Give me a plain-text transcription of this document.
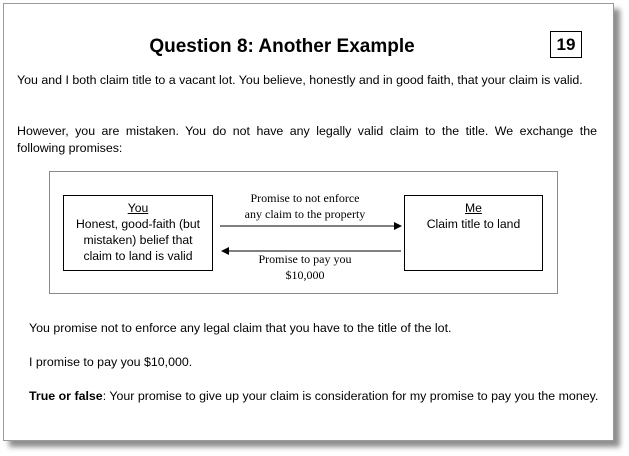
Question 8: Another Example	19
You and I both claim title to a vacant lot. You believe, honestly and in good faith, that your claim is valid.
However, you are mistaken. You do not have any legally valid claim to the title. We exchange the following promises:
You
Honest, good-faith (but
mistaken) belief that
claim to land is valid
Me
Claim title to land
Promise to not enforce
any claim to the property
Promise to pay you
$10,000
You promise not to enforce any legal claim that you have to the title of the lot.
I promise to pay you $10,000.
True or false: Your promise to give up your claim is consideration for my promise to pay you the money.
